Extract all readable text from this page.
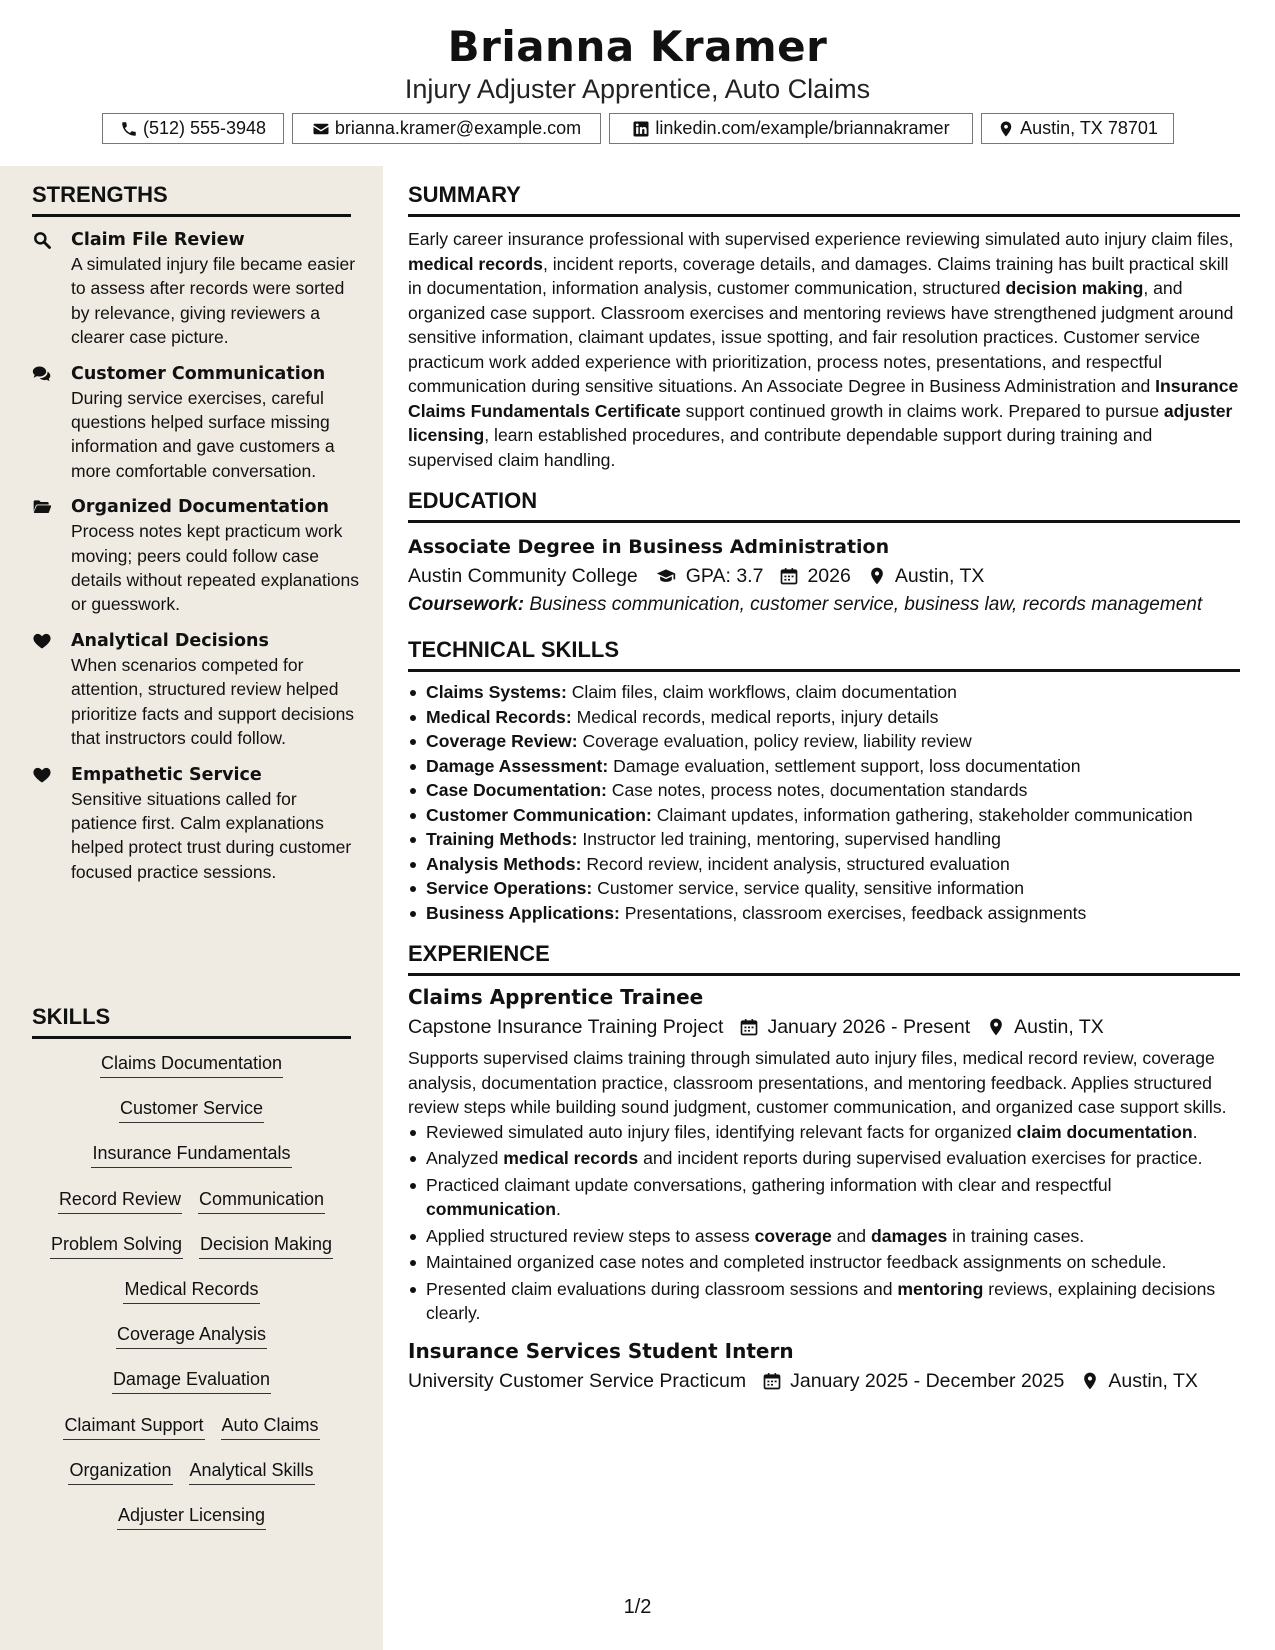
Brianna Kramer
Injury Adjuster Apprentice, Auto Claims
(512) 555-3948	brianna.kramer@example.com	linkedin.com/example/briannakramer	Austin, TX 78701
STRENGTHS
Claim File Review
A simulated injury file became easier to assess after records were sorted by relevance, giving reviewers a clearer case picture.
Customer Communication
During service exercises, careful questions helped surface missing information and gave customers a more comfortable conversation.
Organized Documentation
Process notes kept practicum work moving; peers could follow case details without repeated explanations or guesswork.
Analytical Decisions
When scenarios competed for attention, structured review helped prioritize facts and support decisions that instructors could follow.
Empathetic Service
Sensitive situations called for patience first. Calm explanations helped protect trust during customer focused practice sessions.
SKILLS
Claims Documentation
Customer Service
Insurance Fundamentals
Record Review Communication
Problem Solving Decision Making
Medical Records
Coverage Analysis
Damage Evaluation
Claimant Support Auto Claims
Organization Analytical Skills
Adjuster Licensing
SUMMARY

Early career insurance professional with supervised experience reviewing simulated auto injury claim files, medical records, incident reports, coverage details, and damages. Claims training has built practical skill in documentation, information analysis, customer communication, structured decision making, and organized case support. Classroom exercises and mentoring reviews have strengthened judgment around sensitive information, claimant updates, issue spotting, and fair resolution practices. Customer service practicum work added experience with prioritization, process notes, presentations, and respectful communication during sensitive situations. An Associate Degree in Business Administration and Insurance Claims Fundamentals Certificate support continued growth in claims work. Prepared to pursue adjuster licensing, learn established procedures, and contribute dependable support during training and supervised claim handling.

EDUCATION
Associate Degree in Business Administration
Austin Community College GPA: 3.7 2026 Austin, TX
Coursework: Business communication, customer service, business law, records management
TECHNICAL SKILLS
Claims Systems: Claim files, claim workflows, claim documentation
Medical Records: Medical records, medical reports, injury details
Coverage Review: Coverage evaluation, policy review, liability review
Damage Assessment: Damage evaluation, settlement support, loss documentation
Case Documentation: Case notes, process notes, documentation standards
Customer Communication: Claimant updates, information gathering, stakeholder communication
Training Methods: Instructor led training, mentoring, supervised handling
Analysis Methods: Record review, incident analysis, structured evaluation
Service Operations: Customer service, service quality, sensitive information
Business Applications: Presentations, classroom exercises, feedback assignments
EXPERIENCE
Claims Apprentice Trainee
Capstone Insurance Training Project January 2026 - Present Austin, TX

Supports supervised claims training through simulated auto injury files, medical record review, coverage analysis, documentation practice, classroom presentations, and mentoring feedback. Applies structured review steps while building sound judgment, customer communication, and organized case support skills.

Reviewed simulated auto injury files, identifying relevant facts for organized claim documentation.
Analyzed medical records and incident reports during supervised evaluation exercises for practice.
Practiced claimant update conversations, gathering information with clear and respectful communication.
Applied structured review steps to assess coverage and damages in training cases.
Maintained organized case notes and completed instructor feedback assignments on schedule.
Presented claim evaluations during classroom sessions and mentoring reviews, explaining decisions clearly.
Insurance Services Student Intern
University Customer Service Practicum January 2025 - December 2025 Austin, TX
1/2
